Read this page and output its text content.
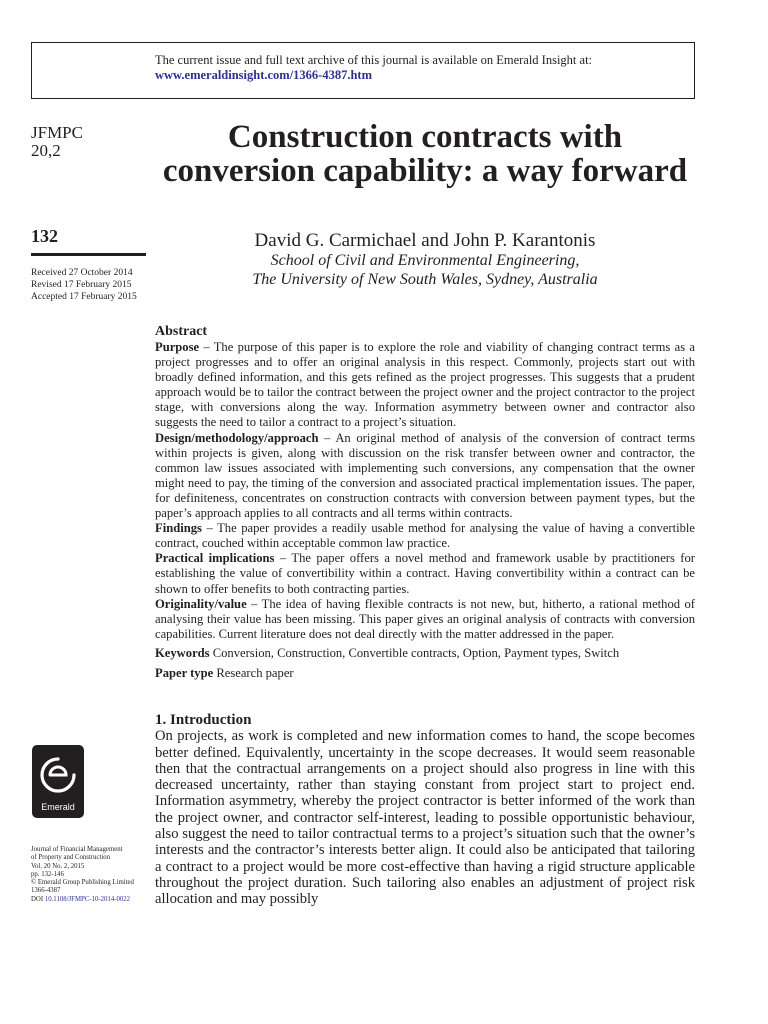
The current issue and full text archive of this journal is available on Emerald Insight at:
www.emeraldinsight.com/1366-4387.htm
JFMPC
20,2
132
Received 27 October 2014
Revised 17 February 2015
Accepted 17 February 2015
Construction contracts with conversion capability: a way forward
David G. Carmichael and John P. Karantonis
School of Civil and Environmental Engineering,
The University of New South Wales, Sydney, Australia
Abstract

Purpose – The purpose of this paper is to explore the role and viability of changing contract terms as a project progresses and to offer an original analysis in this respect. Commonly, projects start out with broadly defined information, and this gets refined as the project progresses. This suggests that a prudent approach would be to tailor the contract between the project owner and the project contractor to the project stage, with conversions along the way. Information asymmetry between owner and contractor also suggests the need to tailor a contract to a project’s situation.

Design/methodology/approach – An original method of analysis of the conversion of contract terms within projects is given, along with discussion on the risk transfer between owner and contractor, the common law issues associated with implementing such conversions, any compensation that the owner might need to pay, the timing of the conversion and associated practical implementation issues. The paper, for definiteness, concentrates on construction contracts with conversion between payment types, but the paper’s approach applies to all contracts and all terms within contracts.

Findings – The paper provides a readily usable method for analysing the value of having a convertible contract, couched within acceptable common law practice.

Practical implications – The paper offers a novel method and framework usable by practitioners for establishing the value of convertibility within a contract. Having convertibility within a contract can be shown to offer benefits to both contracting parties.

Originality/value – The idea of having flexible contracts is not new, but, hitherto, a rational method of analysing their value has been missing. This paper gives an original analysis of contracts with conversion capabilities. Current literature does not deal directly with the matter addressed in the paper.

Keywords Conversion, Construction, Convertible contracts, Option, Payment types, Switch
Paper type Research paper
1. Introduction

On projects, as work is completed and new information comes to hand, the scope becomes better defined. Equivalently, uncertainty in the scope decreases. It would seem reasonable then that the contractual arrangements on a project should also progress in line with this decreased uncertainty, rather than staying constant from project start to project end. Information asymmetry, whereby the project contractor is better informed of the work than the project owner, and contractor self-interest, leading to possible opportunistic behaviour, also suggest the need to tailor contractual terms to a project’s situation such that the owner’s interests and the contractor’s interests better align. It could also be anticipated that tailoring a contract to a project would be more cost-effective than having a rigid structure applicable throughout the project duration. Such tailoring also enables an adjustment of project risk allocation and may possibly

Emerald
Journal of Financial Management
of Property and Construction
Vol. 20 No. 2, 2015
pp. 132-146
© Emerald Group Publishing Limited
1366-4387
DOI 10.1108/JFMPC-10-2014-0022
